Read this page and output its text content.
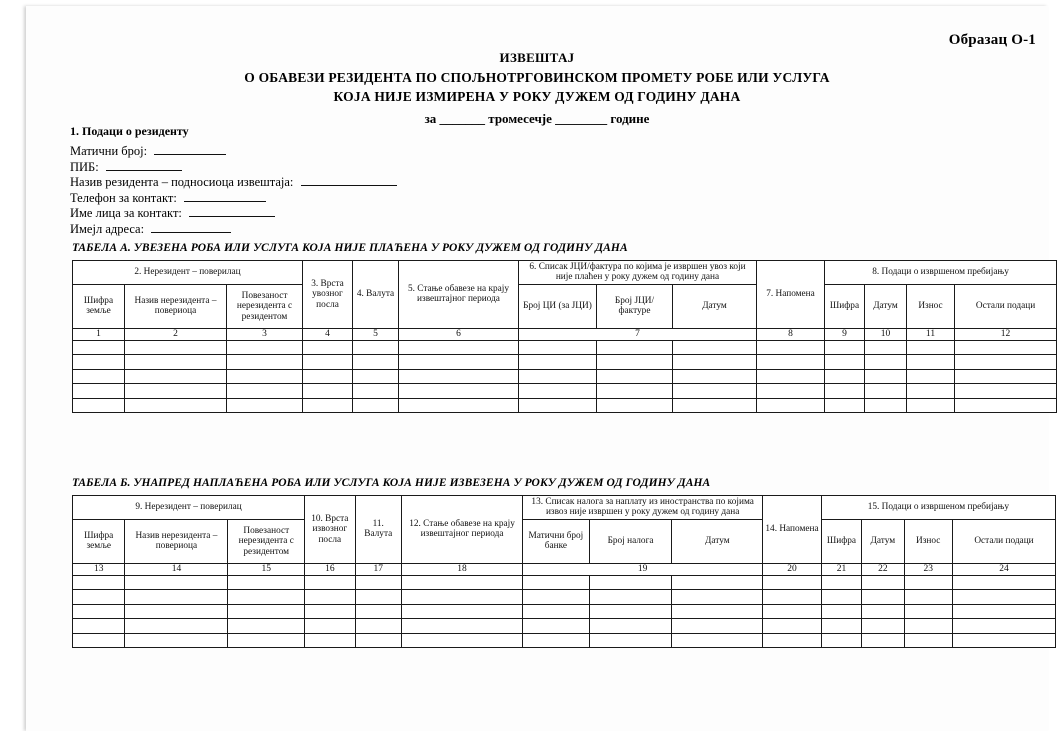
Образац О-1
ИЗВЕШТАЈ
О ОБАВЕЗИ РЕЗИДЕНТА ПО СПОЉНОТРГОВИНСКОМ ПРОМЕТУ РОБЕ ИЛИ УСЛУГА
КОЈА НИЈЕ ИЗМИРЕНА У РОКУ ДУЖЕМ ОД ГОДИНУ ДАНА
за _______ тромесечје ________ године
1. Подаци о резиденту
Матични број:
ПИБ:
Назив резидента – подносиоца извештаја:
Телефон за контакт:
Име лица за контакт:
Имејл адреса:
ТАБЕЛА А. УВЕЗЕНА РОБА ИЛИ УСЛУГА КОЈА НИЈЕ ПЛАЋЕНА У РОКУ ДУЖЕМ ОД ГОДИНУ ДАНА
2. Нерезидент – поверилац			3. Врста увозног посла	4. Валута	5. Стање обавезе на крају извештајног периода	6. Списак ЈЦИ/фактура по којима је извршен увоз који није плаћен у року дужем од годину дана			7. Напомена	8. Подаци о извршеном пребијању			

Шифра земље	Назив нерезидента – повериоца	Повезаност нерезидента с резидентом				Број ЦИ (за ЈЦИ)	Број ЈЦИ/фактуре	Датум		Шифра	Датум	Износ	Остали подаци
1	2	3	4	5	6	7			8	9	10	11	12

ТАБЕЛА Б. УНАПРЕД НАПЛАЋЕНА РОБА ИЛИ УСЛУГА КОЈА НИЈЕ ИЗВЕЗЕНА У РОКУ ДУЖЕМ ОД ГОДИНУ ДАНА
9. Нерезидент – поверилац			10. Врста извозног посла	11. Валута	12. Стање обавезе на крају извештајног периода	13. Списак налога за наплату из иностранства по којима извоз није извршен у року дужем од годину дана			14. Напомена	15. Подаци о извршеном пребијању			

Шифра земље	Назив нерезидента – повериоца	Повезаност нерезидента с резидентом				Матични број банке	Број налога	Датум		Шифра	Датум	Износ	Остали подаци
13	14	15	16	17	18	19			20	21	22	23	24
